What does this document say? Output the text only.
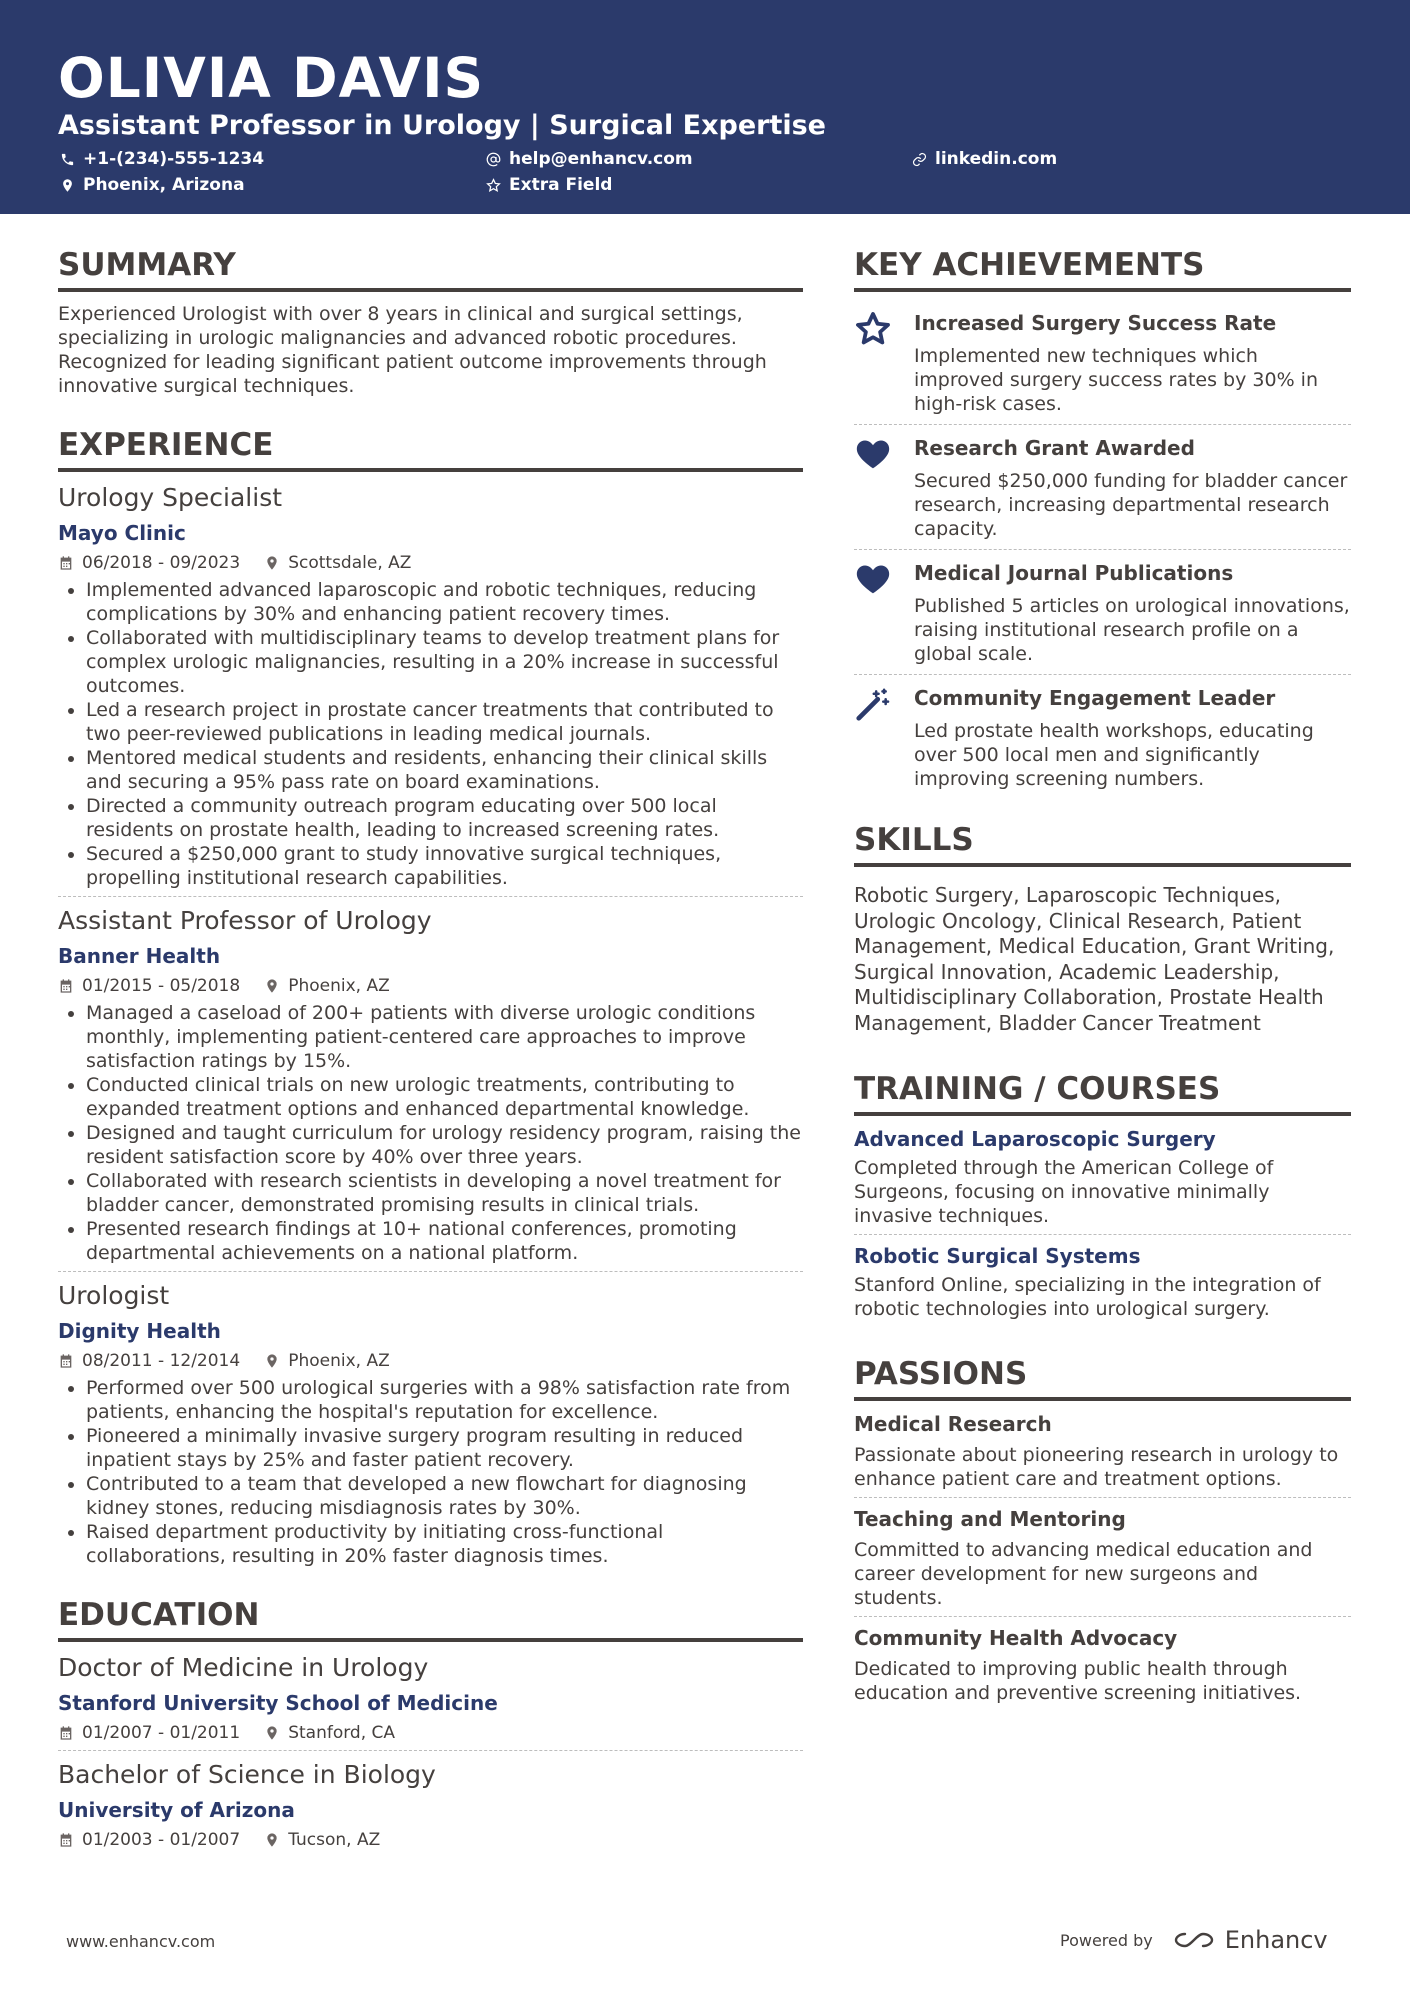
OLIVIA DAVIS
Assistant Professor in Urology | Surgical Expertise
+1-(234)-555-1234	help@enhancv.com	linkedin.com
Phoenix, Arizona	Extra Field
SUMMARY
Experienced Urologist with over 8 years in clinical and surgical settings, specializing in urologic malignancies and advanced robotic procedures. Recognized for leading significant patient outcome improvements through innovative surgical techniques.
EXPERIENCE
Urology Specialist
Mayo Clinic
06/2018 - 09/2023	Scottsdale, AZ
• Implemented advanced laparoscopic and robotic techniques, reducing complications by 30% and enhancing patient recovery times.
• Collaborated with multidisciplinary teams to develop treatment plans for complex urologic malignancies, resulting in a 20% increase in successful outcomes.
• Led a research project in prostate cancer treatments that contributed to two peer-reviewed publications in leading medical journals.
• Mentored medical students and residents, enhancing their clinical skills and securing a 95% pass rate on board examinations.
• Directed a community outreach program educating over 500 local residents on prostate health, leading to increased screening rates.
• Secured a $250,000 grant to study innovative surgical techniques, propelling institutional research capabilities.
Assistant Professor of Urology
Banner Health
01/2015 - 05/2018	Phoenix, AZ
• Managed a caseload of 200+ patients with diverse urologic conditions monthly, implementing patient-centered care approaches to improve satisfaction ratings by 15%.
• Conducted clinical trials on new urologic treatments, contributing to expanded treatment options and enhanced departmental knowledge.
• Designed and taught curriculum for urology residency program, raising the resident satisfaction score by 40% over three years.
• Collaborated with research scientists in developing a novel treatment for bladder cancer, demonstrated promising results in clinical trials.
• Presented research findings at 10+ national conferences, promoting departmental achievements on a national platform.
Urologist
Dignity Health
08/2011 - 12/2014	Phoenix, AZ
• Performed over 500 urological surgeries with a 98% satisfaction rate from patients, enhancing the hospital's reputation for excellence.
• Pioneered a minimally invasive surgery program resulting in reduced inpatient stays by 25% and faster patient recovery.
• Contributed to a team that developed a new flowchart for diagnosing kidney stones, reducing misdiagnosis rates by 30%.
• Raised department productivity by initiating cross-functional collaborations, resulting in 20% faster diagnosis times.
EDUCATION
Doctor of Medicine in Urology
Stanford University School of Medicine
01/2007 - 01/2011	Stanford, CA
Bachelor of Science in Biology
University of Arizona
01/2003 - 01/2007	Tucson, AZ
KEY ACHIEVEMENTS
Increased Surgery Success Rate
Implemented new techniques which improved surgery success rates by 30% in high-risk cases.
Research Grant Awarded
Secured $250,000 funding for bladder cancer research, increasing departmental research capacity.
Medical Journal Publications
Published 5 articles on urological innovations, raising institutional research profile on a global scale.
Community Engagement Leader
Led prostate health workshops, educating over 500 local men and significantly improving screening numbers.
SKILLS
Robotic Surgery, Laparoscopic Techniques, Urologic Oncology, Clinical Research, Patient Management, Medical Education, Grant Writing, Surgical Innovation, Academic Leadership, Multidisciplinary Collaboration, Prostate Health Management, Bladder Cancer Treatment
TRAINING / COURSES
Advanced Laparoscopic Surgery
Completed through the American College of Surgeons, focusing on innovative minimally invasive techniques.
Robotic Surgical Systems
Stanford Online, specializing in the integration of robotic technologies into urological surgery.
PASSIONS
Medical Research
Passionate about pioneering research in urology to enhance patient care and treatment options.
Teaching and Mentoring
Committed to advancing medical education and career development for new surgeons and students.
Community Health Advocacy
Dedicated to improving public health through education and preventive screening initiatives.
www.enhancv.com	Powered by	Enhancv
